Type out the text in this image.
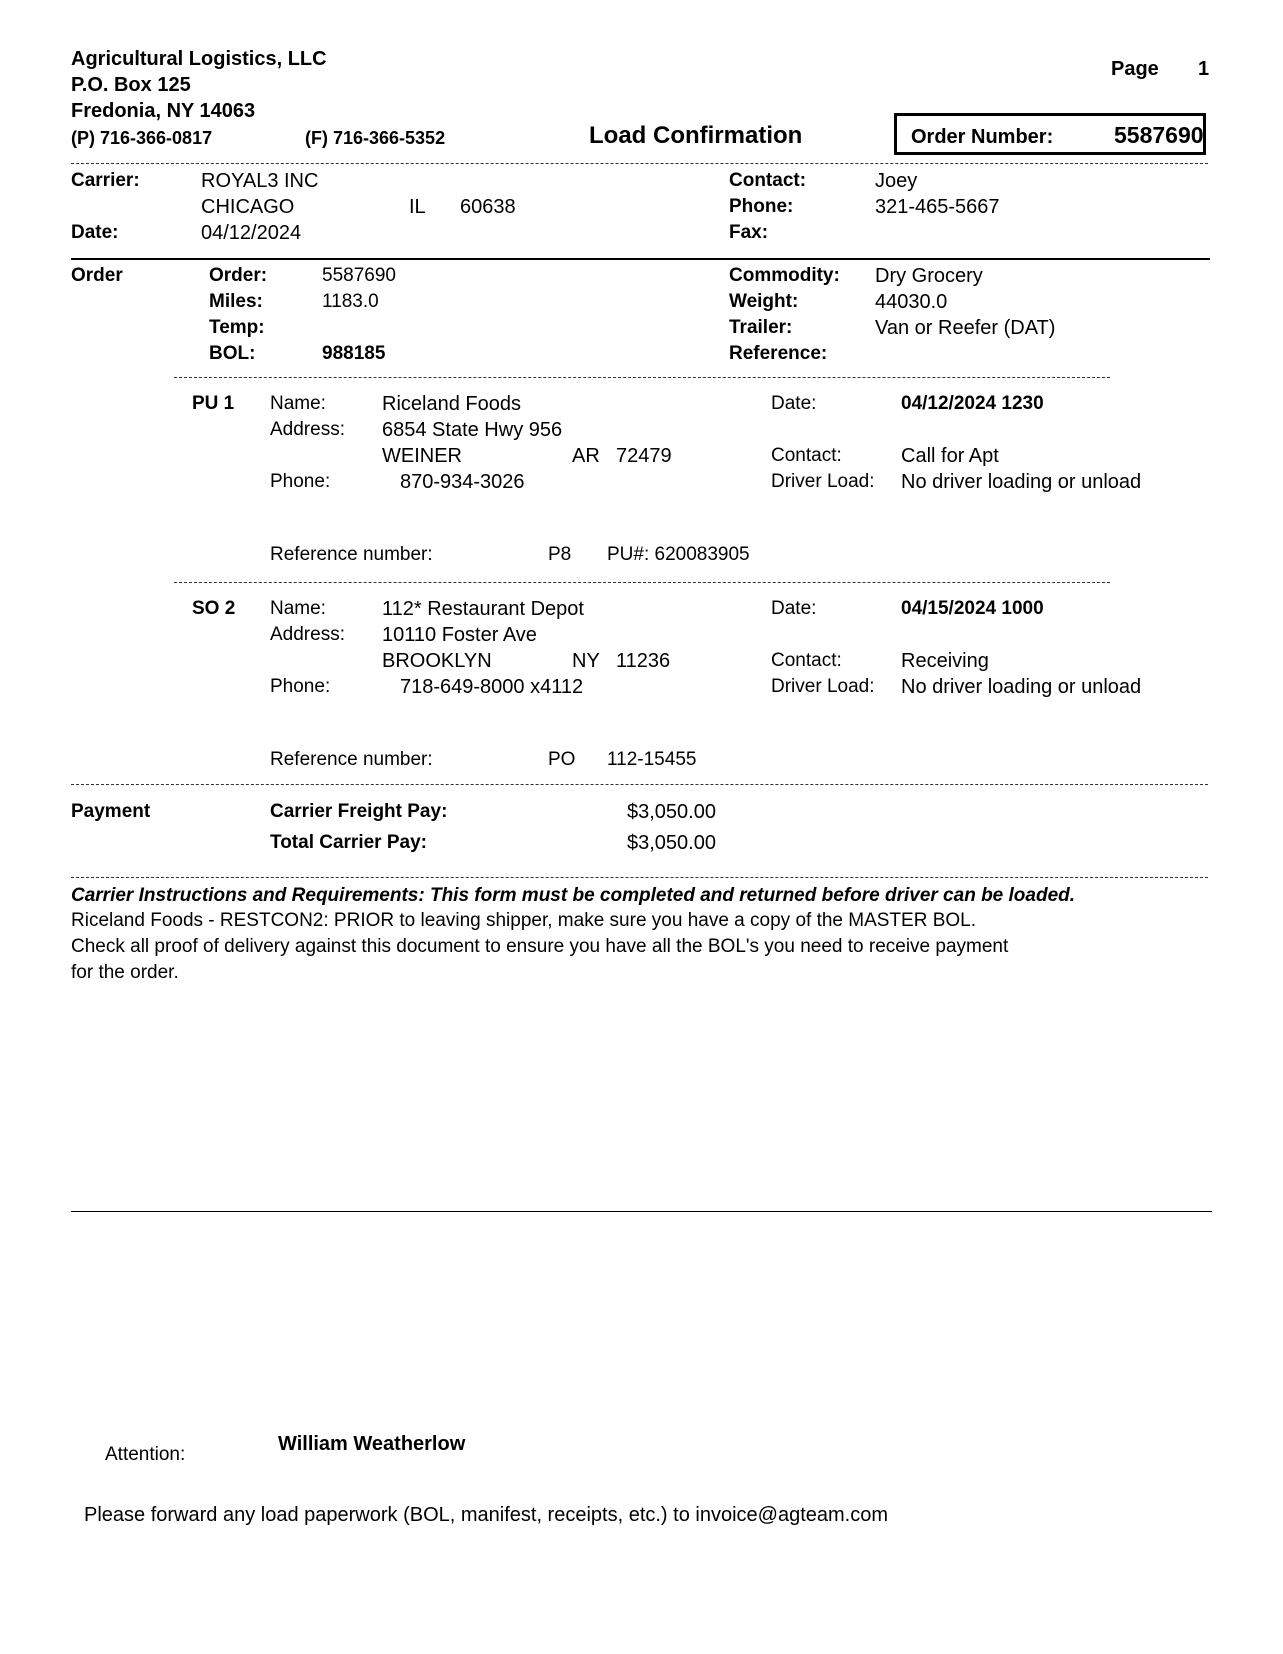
Agricultural Logistics, LLC
P.O. Box 125
Fredonia, NY 14063
(P) 716-366-0817	(F) 716-366-5352	Load Confirmation
Page 1
Order Number:	5587690
Carrier:	ROYAL3 INC
CHICAGO	IL 60638
Date:	04/12/2024
Contact:	Joey
Phone:	321-465-5667
Fax:
Order	Order:	5587690
Miles:	1183.0
Temp:
BOL:	988185
Commodity: Dry Grocery
Weight:	44030.0
Trailer:	Van or Reefer (DAT)
Reference:
PU 1 Name:	Riceland Foods
Address: 6854 State Hwy 956
WEINER	AR 72479
Phone:	870-934-3026
Date:	04/12/2024 1230
Contact:	Call for Apt
Driver Load: No driver loading or unload
Reference number:	P8 PU#: 620083905
SO 2 Name:	112* Restaurant Depot
Address: 10110 Foster Ave
BROOKLYN	NY 11236
Phone:	718-649-8000 x4112
Date:	04/15/2024 1000
Contact:	Receiving
Driver Load: No driver loading or unload
Reference number:	PO 112-15455
Payment	Carrier Freight Pay:	$3,050.00
Total Carrier Pay:	$3,050.00
Carrier Instructions and Requirements: This form must be completed and returned before driver can be loaded.
Riceland Foods - RESTCON2: PRIOR to leaving shipper, make sure you have a copy of the MASTER BOL.
Check all proof of delivery against this document to ensure you have all the BOL's you need to receive payment
for the order.
Attention:	William Weatherlow
Please forward any load paperwork (BOL, manifest, receipts, etc.) to invoice@agteam.com
